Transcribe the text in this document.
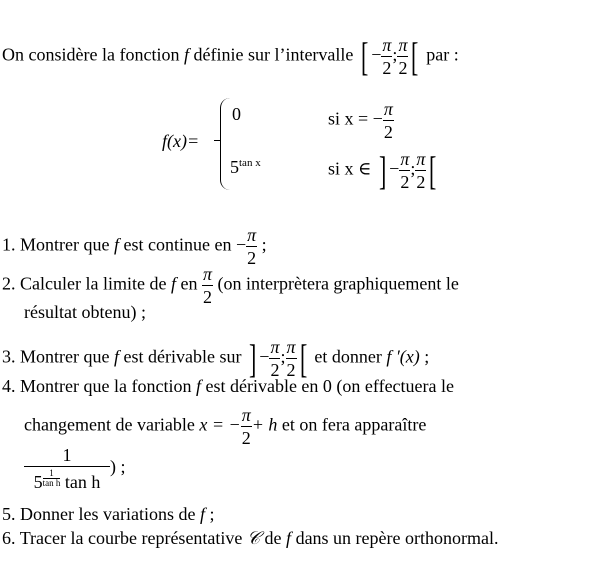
On considère la fonction f définie sur l’intervalle [ − $\frac{\pi}{2}$ ; $\frac{\pi}{2}$ [ par :
f(x)=
0	si x = − $\frac{\pi}{2}$
$5^{tan x}$	si x ∈ ] − $\frac{\pi}{2}$ ; $\frac{\pi}{2}$ [
1. Montrer que f est continue en − $\frac{\pi}{2}$ ;
2. Calculer la limite de f en $\frac{\pi}{2} (on$ interprètera graphiquement le
résultat obtenu) ;
3. Montrer que f est dérivable sur ] − $\frac{\pi}{2}$ ; $\frac{\pi}{2}$ [ et donner f ′(x) ;
4. Montrer que la fonction f est dérivable en 0 (on effectuera le
changement de variable x = − $\frac{\pi}{2} + h$ et on fera apparaître
1
5 $^{\frac{1}{\text{tan h}}}$ tan h ) ;
5. Donner les variations de f ;
6. Tracer la courbe représentative 𝒞 de f dans un repère orthonormal.
